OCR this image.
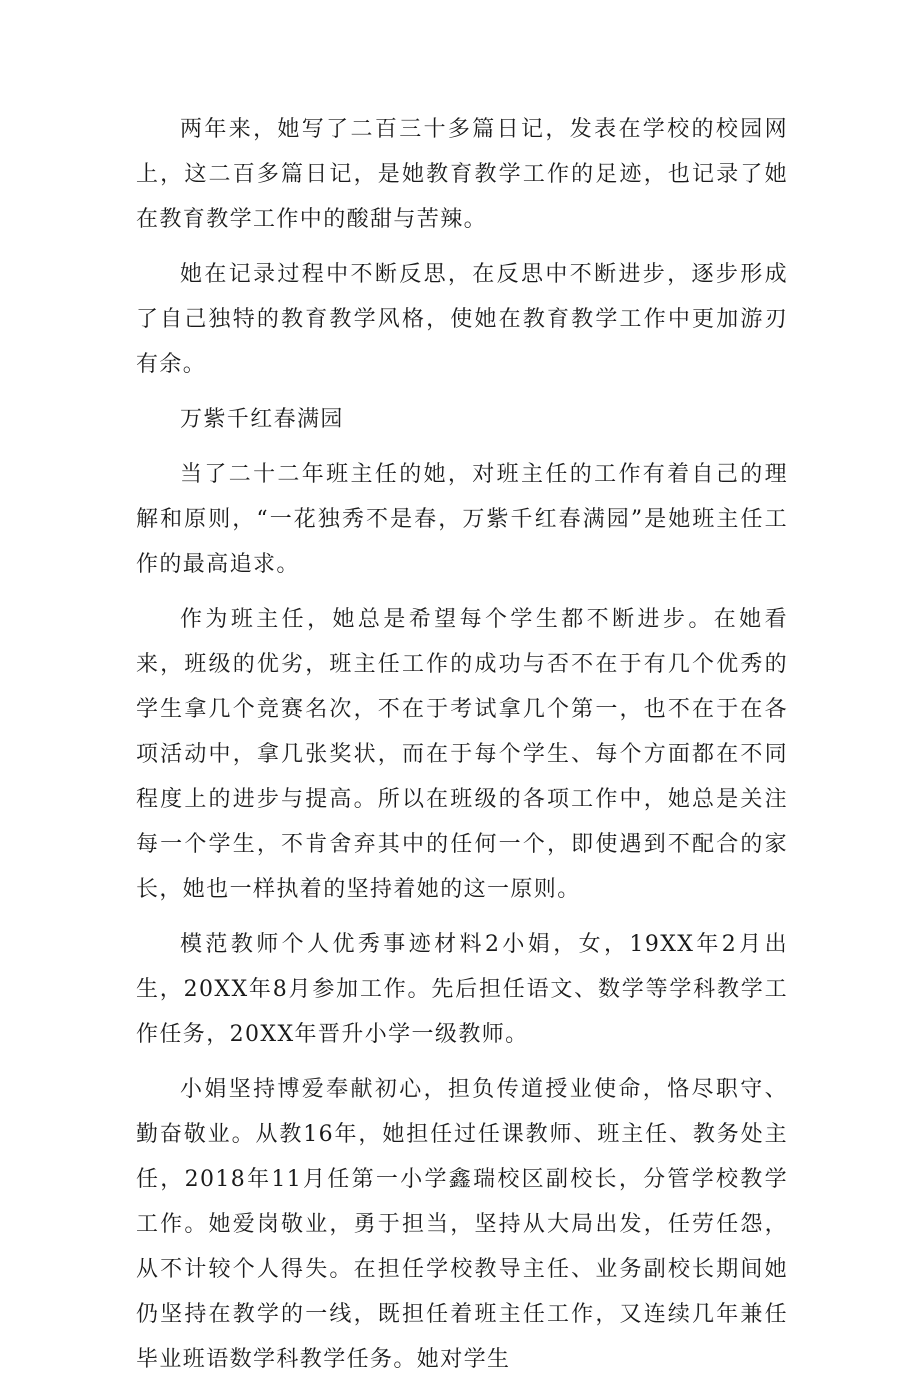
两年来，她写了二百三十多篇日记，发表在学校的校园网上，这二百多篇日记，是她教育教学工作的足迹，也记录了她在教育教学工作中的酸甜与苦辣。

她在记录过程中不断反思，在反思中不断进步，逐步形成了自己独特的教育教学风格，使她在教育教学工作中更加游刃有余。

万紫千红春满园

当了二十二年班主任的她，对班主任的工作有着自己的理解和原则，“一花独秀不是春，万紫千红春满园”是她班主任工作的最高追求。

作为班主任，她总是希望每个学生都不断进步。在她看来，班级的优劣，班主任工作的成功与否不在于有几个优秀的学生拿几个竞赛名次，不在于考试拿几个第一，也不在于在各项活动中，拿几张奖状，而在于每个学生、每个方面都在不同程度上的进步与提高。所以在班级的各项工作中，她总是关注每一个学生，不肯舍弃其中的任何一个，即使遇到不配合的家长，她也一样执着的坚持着她的这一原则。

模范教师个人优秀事迹材料2小娟，女，19XX年2月出生，20XX年8月参加工作。先后担任语文、数学等学科教学工作任务，20XX年晋升小学一级教师。

小娟坚持博爱奉献初心，担负传道授业使命，恪尽职守、勤奋敬业。从教16年，她担任过任课教师、班主任、教务处主任，2018年11月任第一小学鑫瑞校区副校长，分管学校教学工作。她爱岗敬业，勇于担当，坚持从大局出发，任劳任怨，从不计较个人得失。在担任学校教导主任、业务副校长期间她仍坚持在教学的一线，既担任着班主任工作，又连续几年兼任毕业班语数学科教学任务。她对学生
